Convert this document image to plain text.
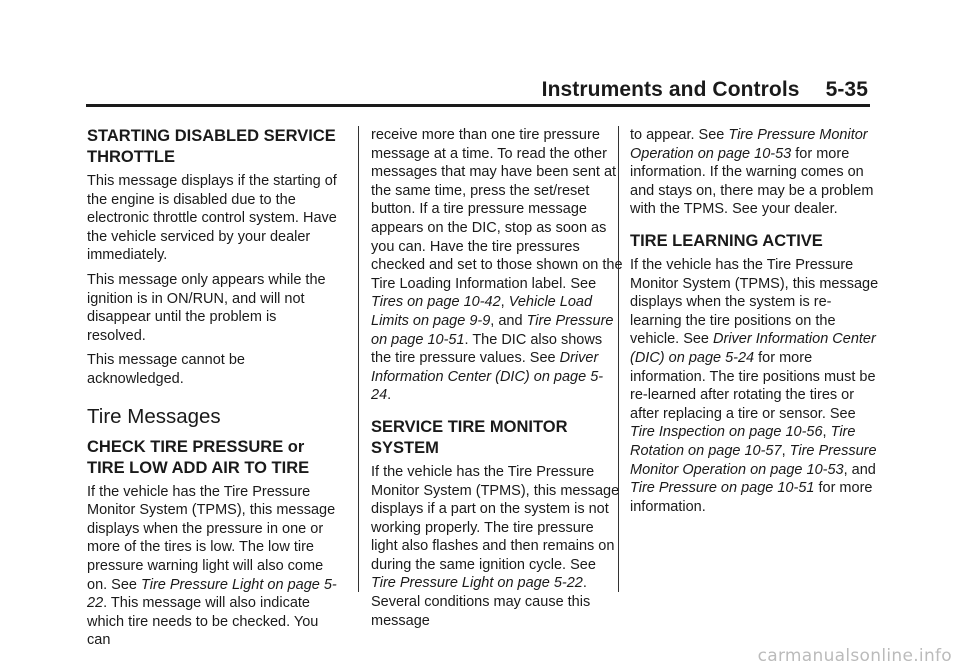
Instruments and Controls 5-35
STARTING DISABLED SERVICE THROTTLE

This message displays if the starting of the engine is disabled due to the electronic throttle control system. Have the vehicle serviced by your dealer immediately.

This message only appears while the ignition is in ON/RUN, and will not disappear until the problem is resolved.

This message cannot be acknowledged.

Tire Messages
CHECK TIRE PRESSURE or TIRE LOW ADD AIR TO TIRE

If the vehicle has the Tire Pressure Monitor System (TPMS), this message displays when the pressure in one or more of the tires is low. The low tire pressure warning light will also come on. See Tire Pressure Light on page 5-22. This message will also indicate which tire needs to be checked. You can

receive more than one tire pressure message at a time. To read the other messages that may have been sent at the same time, press the set/reset button. If a tire pressure message appears on the DIC, stop as soon as you can. Have the tire pressures checked and set to those shown on the Tire Loading Information label. See Tires on page 10-42, Vehicle Load Limits on page 9-9, and Tire Pressure on page 10-51. The DIC also shows the tire pressure values. See Driver Information Center (DIC) on page 5-24.

SERVICE TIRE MONITOR SYSTEM

If the vehicle has the Tire Pressure Monitor System (TPMS), this message displays if a part on the system is not working properly. The tire pressure light also flashes and then remains on during the same ignition cycle. See Tire Pressure Light on page 5-22. Several conditions may cause this message

to appear. See Tire Pressure Monitor Operation on page 10-53 for more information. If the warning comes on and stays on, there may be a problem with the TPMS. See your dealer.

TIRE LEARNING ACTIVE

If the vehicle has the Tire Pressure Monitor System (TPMS), this message displays when the system is re-learning the tire positions on the vehicle. See Driver Information Center (DIC) on page 5-24 for more information. The tire positions must be re-learned after rotating the tires or after replacing a tire or sensor. See Tire Inspection on page 10-56, Tire Rotation on page 10-57, Tire Pressure Monitor Operation on page 10-53, and Tire Pressure on page 10-51 for more information.

carmanualsonline.info
